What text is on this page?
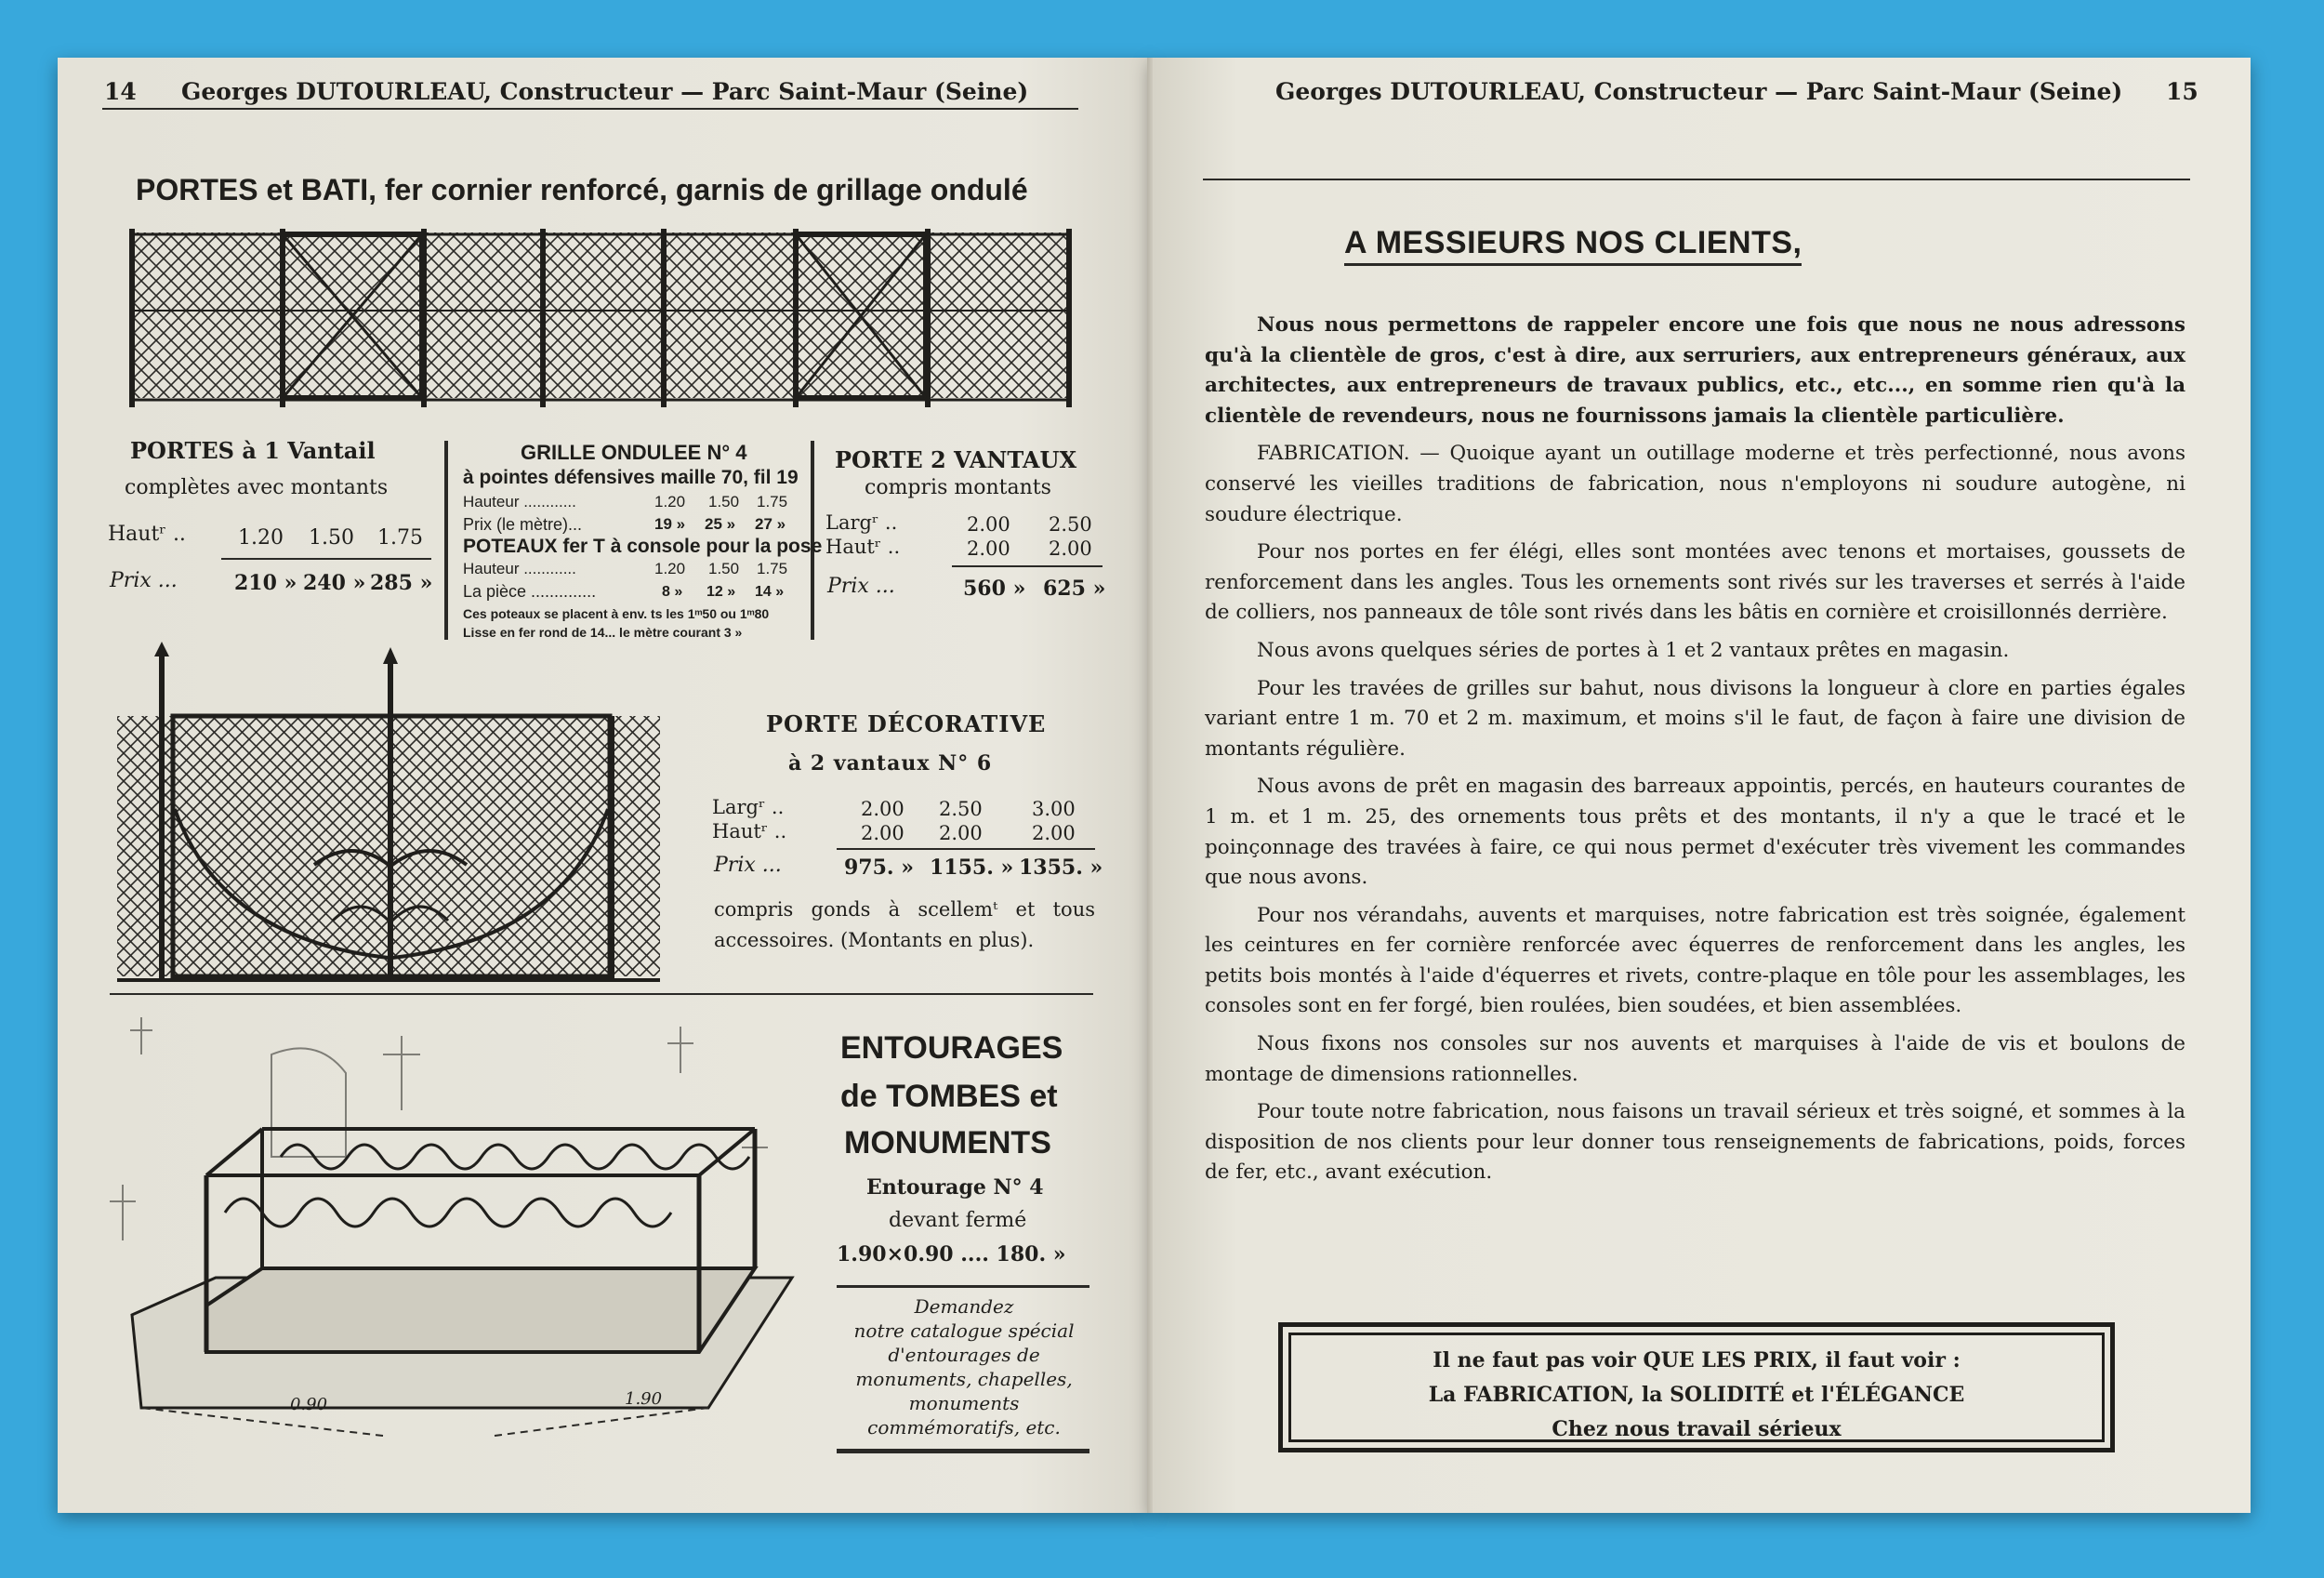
14 Georges DUTOURLEAU, Constructeur — Parc Saint-Maur (Seine)
PORTES et BATI, fer cornier renforcé, garnis de grillage ondulé
PORTES à 1 Vantail
complètes avec montants
Hautʳ ..	1.20 1.50 1.75
Prix ...	210 » 240 » 285 »
GRILLE ONDULEE N° 4
à pointes défensives maille 70, fil 19
Hauteur ............	1.20 1.50 1.75
Prix (le mètre)...	19 » 25 » 27 »
POTEAUX fer T à console pour la pose
Hauteur ............	1.20 1.50 1.75
La pièce ..............	8 » 12 » 14 »
Ces poteaux se placent à env. ts les 1ᵐ50 ou 1ᵐ80
Lisse en fer rond de 14... le mètre courant 3 »
PORTE 2 VANTAUX
compris montants
Largʳ ..	2.00 2.50
Hautʳ ..	2.00 2.00
Prix ...	560 » 625 »
PORTE DÉCORATIVE
à 2 vantaux N° 6
Largʳ ..	2.00 2.50	3.00
Hautʳ ..	2.00 2.00	2.00
Prix ...	975. » 1155. » 1355. »
compris gonds à scellemᵗ et tous accessoires. (Montants en plus).
0.90	1.90
ENTOURAGES
de TOMBES et
MONUMENTS
Entourage N° 4
devant fermé
1.90×0.90 .... 180. »
Demandez
notre catalogue spécial
d'entourages de
monuments, chapelles,
monuments
commémoratifs, etc.
Georges DUTOURLEAU, Constructeur — Parc Saint-Maur (Seine) 15
A MESSIEURS NOS CLIENTS,

Nous nous permettons de rappeler encore une fois que nous ne nous adressons qu'à la clientèle de gros, c'est à dire, aux serruriers, aux entrepreneurs généraux, aux architectes, aux entrepreneurs de travaux publics, etc., etc..., en somme rien qu'à la clientèle de revendeurs, nous ne fournissons jamais la clientèle particulière.

FABRICATION. — Quoique ayant un outillage moderne et très perfectionné, nous avons conservé les vieilles traditions de fabrication, nous n'employons ni soudure autogène, ni soudure électrique.

Pour nos portes en fer élégi, elles sont montées avec tenons et mortaises, goussets de renforcement dans les angles. Tous les ornements sont rivés sur les traverses et serrés à l'aide de colliers, nos panneaux de tôle sont rivés dans les bâtis en cornière et croisillonnés derrière.

Nous avons quelques séries de portes à 1 et 2 vantaux prêtes en magasin.

Pour les travées de grilles sur bahut, nous divisons la longueur à clore en parties égales variant entre 1 m. 70 et 2 m. maximum, et moins s'il le faut, de façon à faire une division de montants régulière.

Nous avons de prêt en magasin des barreaux appointis, percés, en hauteurs courantes de 1 m. et 1 m. 25, des ornements tous prêts et des montants, il n'y a que le tracé et le poinçonnage des travées à faire, ce qui nous permet d'exécuter très vivement les commandes que nous avons.

Pour nos vérandahs, auvents et marquises, notre fabrication est très soignée, également les ceintures en fer cornière renforcée avec équerres de renforcement dans les angles, les petits bois montés à l'aide d'équerres et rivets, contre-plaque en tôle pour les assemblages, les consoles sont en fer forgé, bien roulées, bien soudées, et bien assemblées.

Nous fixons nos consoles sur nos auvents et marquises à l'aide de vis et boulons de montage de dimensions rationnelles.

Pour toute notre fabrication, nous faisons un travail sérieux et très soigné, et sommes à la disposition de nos clients pour leur donner tous renseignements de fabrications, poids, forces de fer, etc., avant exécution.

Il ne faut pas voir QUE LES PRIX, il faut voir :
La FABRICATION, la SOLIDITÉ et l'ÉLÉGANCE
Chez nous travail sérieux
